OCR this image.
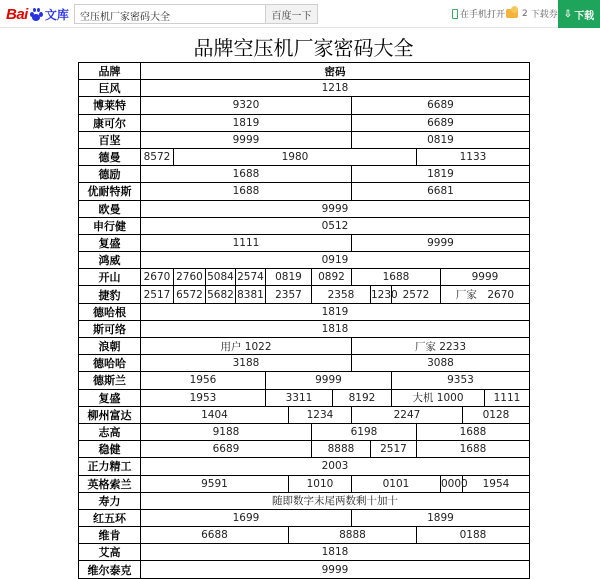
Bai 文库
空压机厂家密码大全	百度一下	在手机打开 2 下载券 ⇩ 下载
品牌空压机厂家密码大全
品牌	密码														
巨风	1218														
博莱特	9320								6689						
康可尔	1819								6689						
百坚	9999								0819						
德曼	8572	1980										1133			
德励	1688								1819						
优耐特斯	1688								6681						
欧曼	9999														
申行健	0512														
复盛	1111								9999						
鸿威	0919														
开山	2670	2760	5084	2574	0819		0892		1688				9999		
捷豹	2517	6572	5682	8381	2357		2358			1230	2572		厂家　2670		
德哈根	1819														
斯可络	1818														
浪朝	用户 1022								厂家 2233						
德哈哈	3188								3088						
德斯兰	1956				9999						9353				
复盛	1953				3311			8192			大机 1000				1111
柳州富达	1404					1234			2247					0128	
志高	9188						6198					1688			
稳健	6689						8888			2517		1688			
正力精工	2003														
英格索兰	9591					1010			0101				0000	1954	
寿力	随即数字末尾两数剩十加十														
红五环	1699								1899						
维肯	6688					8888						0188			
艾高	1818														
维尔泰克	9999														
